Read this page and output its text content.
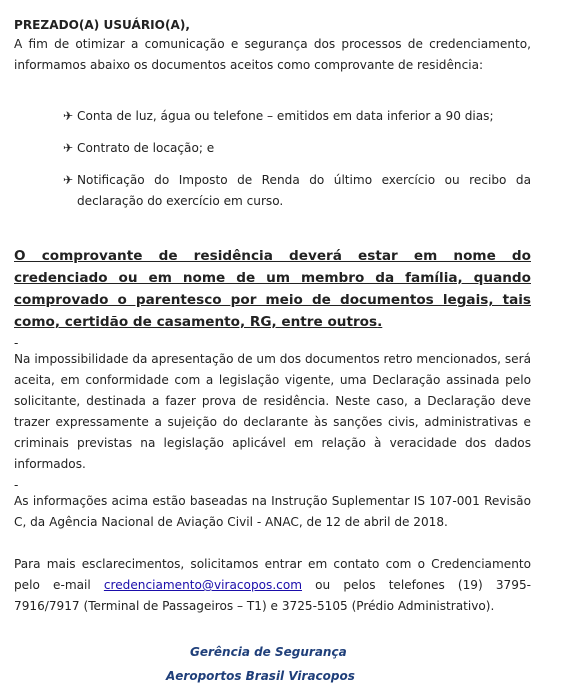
PREZADO(A) USUÁRIO(A),

A fim de otimizar a comunicação e segurança dos processos de credenciamento, informamos abaixo os documentos aceitos como comprovante de residência:

✈ Conta de luz, água ou telefone – emitidos em data inferior a 90 dias;
✈ Contrato de locação; e
✈ Notificação do Imposto de Renda do último exercício ou recibo da declaração do exercício em curso.
O comprovante de residência deverá estar em nome do credenciado ou em nome de um membro da família, quando comprovado o parentesco por meio de documentos legais, tais como, certidão de casamento, RG, entre outros.
-

Na impossibilidade da apresentação de um dos documentos retro mencionados, será aceita, em conformidade com a legislação vigente, uma Declaração assinada pelo solicitante, destinada a fazer prova de residência. Neste caso, a Declaração deve trazer expressamente a sujeição do declarante às sanções civis, administrativas e criminais previstas na legislação aplicável em relação à veracidade dos dados informados.

-

As informações acima estão baseadas na Instrução Suplementar IS 107-001 Revisão C, da Agência Nacional de Aviação Civil - ANAC, de 12 de abril de 2018.

Para mais esclarecimentos, solicitamos entrar em contato com o Credenciamento pelo e-mail credenciamento@viracopos.com ou pelos telefones (19) 3795-7916/7917 (Terminal de Passageiros – T1) e 3725-5105 (Prédio Administrativo).

Gerência de Segurança
Aeroportos Brasil Viracopos
